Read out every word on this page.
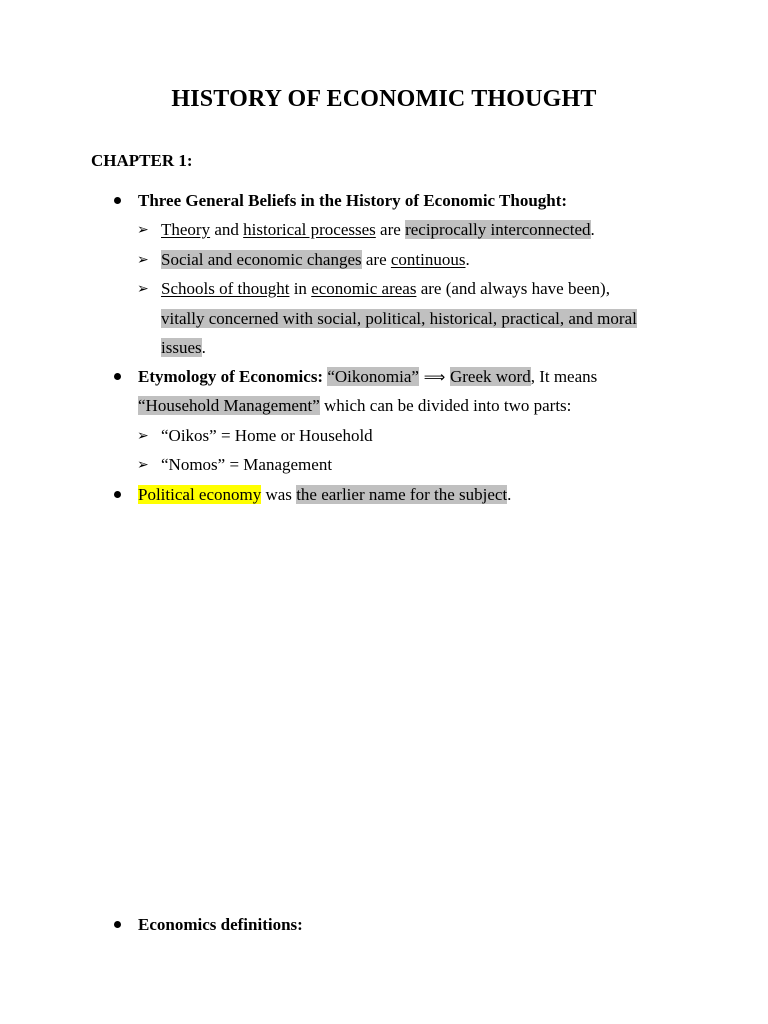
HISTORY OF ECONOMIC THOUGHT
CHAPTER 1:
Three General Beliefs in the History of Economic Thought:
➢ Theory and historical processes are reciprocally interconnected.
➢ Social and economic changes are continuous.
➢ Schools of thought in economic areas are (and always have been),
vitally concerned with social, political, historical, practical, and moral
issues.
Etymology of Economics: “Oikonomia” ⟹ Greek word, It means
“Household Management” which can be divided into two parts:
➢ “Oikos” = Home or Household
➢ “Nomos” = Management
Political economy was the earlier name for the subject.
Economics definitions:
